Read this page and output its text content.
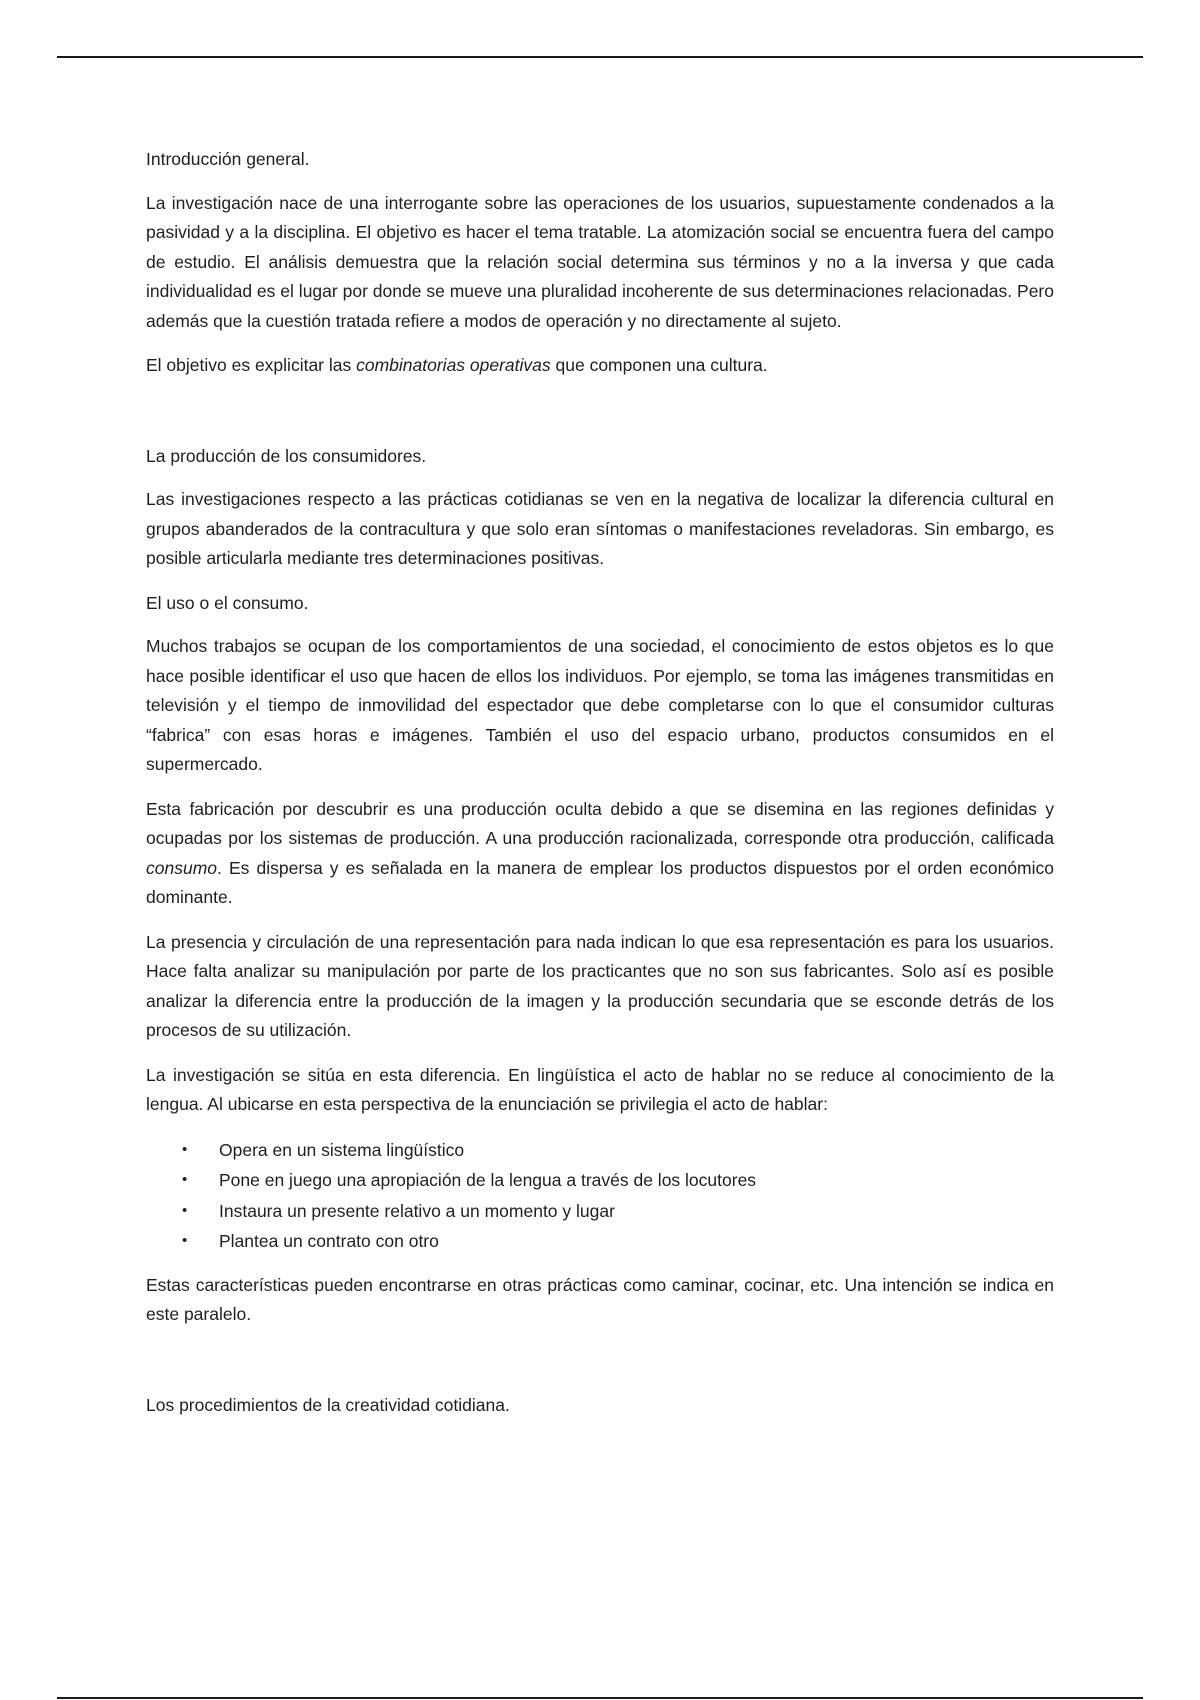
Introducción general.

La investigación nace de una interrogante sobre las operaciones de los usuarios, supuestamente condenados a la pasividad y a la disciplina. El objetivo es hacer el tema tratable. La atomización social se encuentra fuera del campo de estudio. El análisis demuestra que la relación social determina sus términos y no a la inversa y que cada individualidad es el lugar por donde se mueve una pluralidad incoherente de sus determinaciones relacionadas. Pero además que la cuestión tratada refiere a modos de operación y no directamente al sujeto.

El objetivo es explicitar las combinatorias operativas que componen una cultura.

La producción de los consumidores.

Las investigaciones respecto a las prácticas cotidianas se ven en la negativa de localizar la diferencia cultural en grupos abanderados de la contracultura y que solo eran síntomas o manifestaciones reveladoras. Sin embargo, es posible articularla mediante tres determinaciones positivas.

El uso o el consumo.

Muchos trabajos se ocupan de los comportamientos de una sociedad, el conocimiento de estos objetos es lo que hace posible identificar el uso que hacen de ellos los individuos. Por ejemplo, se toma las imágenes transmitidas en televisión y el tiempo de inmovilidad del espectador que debe completarse con lo que el consumidor culturas “fabrica” con esas horas e imágenes. También el uso del espacio urbano, productos consumidos en el supermercado.

Esta fabricación por descubrir es una producción oculta debido a que se disemina en las regiones definidas y ocupadas por los sistemas de producción. A una producción racionalizada, corresponde otra producción, calificada consumo. Es dispersa y es señalada en la manera de emplear los productos dispuestos por el orden económico dominante.

La presencia y circulación de una representación para nada indican lo que esa representación es para los usuarios. Hace falta analizar su manipulación por parte de los practicantes que no son sus fabricantes. Solo así es posible analizar la diferencia entre la producción de la imagen y la producción secundaria que se esconde detrás de los procesos de su utilización.

La investigación se sitúa en esta diferencia. En lingüística el acto de hablar no se reduce al conocimiento de la lengua. Al ubicarse en esta perspectiva de la enunciación se privilegia el acto de hablar:

• Opera en un sistema lingüístico
• Pone en juego una apropiación de la lengua a través de los locutores
• Instaura un presente relativo a un momento y lugar
• Plantea un contrato con otro

Estas características pueden encontrarse en otras prácticas como caminar, cocinar, etc. Una intención se indica en este paralelo.

Los procedimientos de la creatividad cotidiana.
